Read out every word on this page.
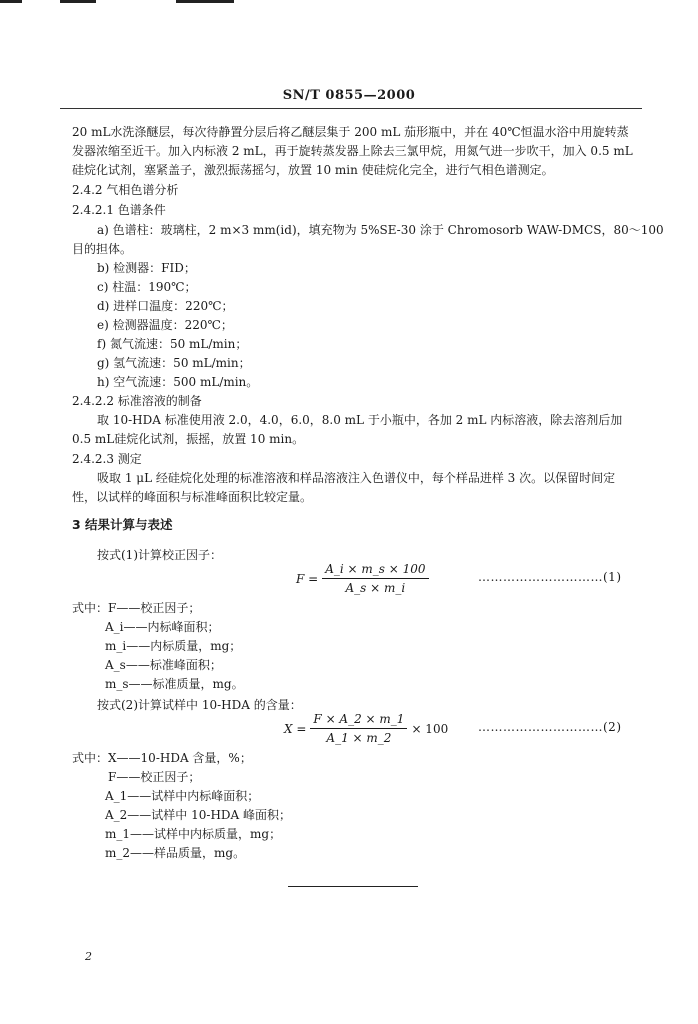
SN/T 0855—2000
20 mL水洗涤醚层，每次待静置分层后将乙醚层集于 200 mL 茄形瓶中，并在 40℃恒温水浴中用旋转蒸
发器浓缩至近干。加入内标液 2 mL，再于旋转蒸发器上除去三氯甲烷，用氮气进一步吹干，加入 0.5 mL
硅烷化试剂，塞紧盖子，激烈振荡摇匀，放置 10 min 使硅烷化完全，进行气相色谱测定。
2.4.2 气相色谱分析
2.4.2.1 色谱条件
a) 色谱柱：玻璃柱，2 m×3 mm(id)，填充物为 5%SE-30 涂于 Chromosorb WAW-DMCS，80～100
目的担体。
b) 检测器：FID；
c) 柱温：190℃；
d) 进样口温度：220℃；
e) 检测器温度：220℃；
f) 氮气流速：50 mL/min；
g) 氢气流速：50 mL/min；
h) 空气流速：500 mL/min。
2.4.2.2 标准溶液的制备
取 10-HDA 标准使用液 2.0，4.0，6.0，8.0 mL 于小瓶中，各加 2 mL 内标溶液，除去溶剂后加
0.5 mL硅烷化试剂，振摇，放置 10 min。
2.4.2.3 测定
吸取 1 μL 经硅烷化处理的标准溶液和样品溶液注入色谱仪中，每个样品进样 3 次。以保留时间定
性，以试样的峰面积与标准峰面积比较定量。
3 结果计算与表述
按式(1)计算校正因子：
$F = \frac{A\_i \times m\_s \times 100}{A\_s \times m\_i}$	…………………………(1)
式中：F——校正因子；
A_i——内标峰面积；
m_i——内标质量，mg；
A_s——标准峰面积；
m_s——标准质量，mg。
按式(2)计算试样中 10-HDA 的含量：
$X = \frac{F \times A\_2 \times m\_1}{A\_1 \times m\_2} \times 100$ …………………………(2)
式中：X——10-HDA 含量，%；
F——校正因子；
A_1——试样中内标峰面积；
A_2——试样中 10-HDA 峰面积；
m_1——试样中内标质量，mg；
m_2——样品质量，mg。
2
